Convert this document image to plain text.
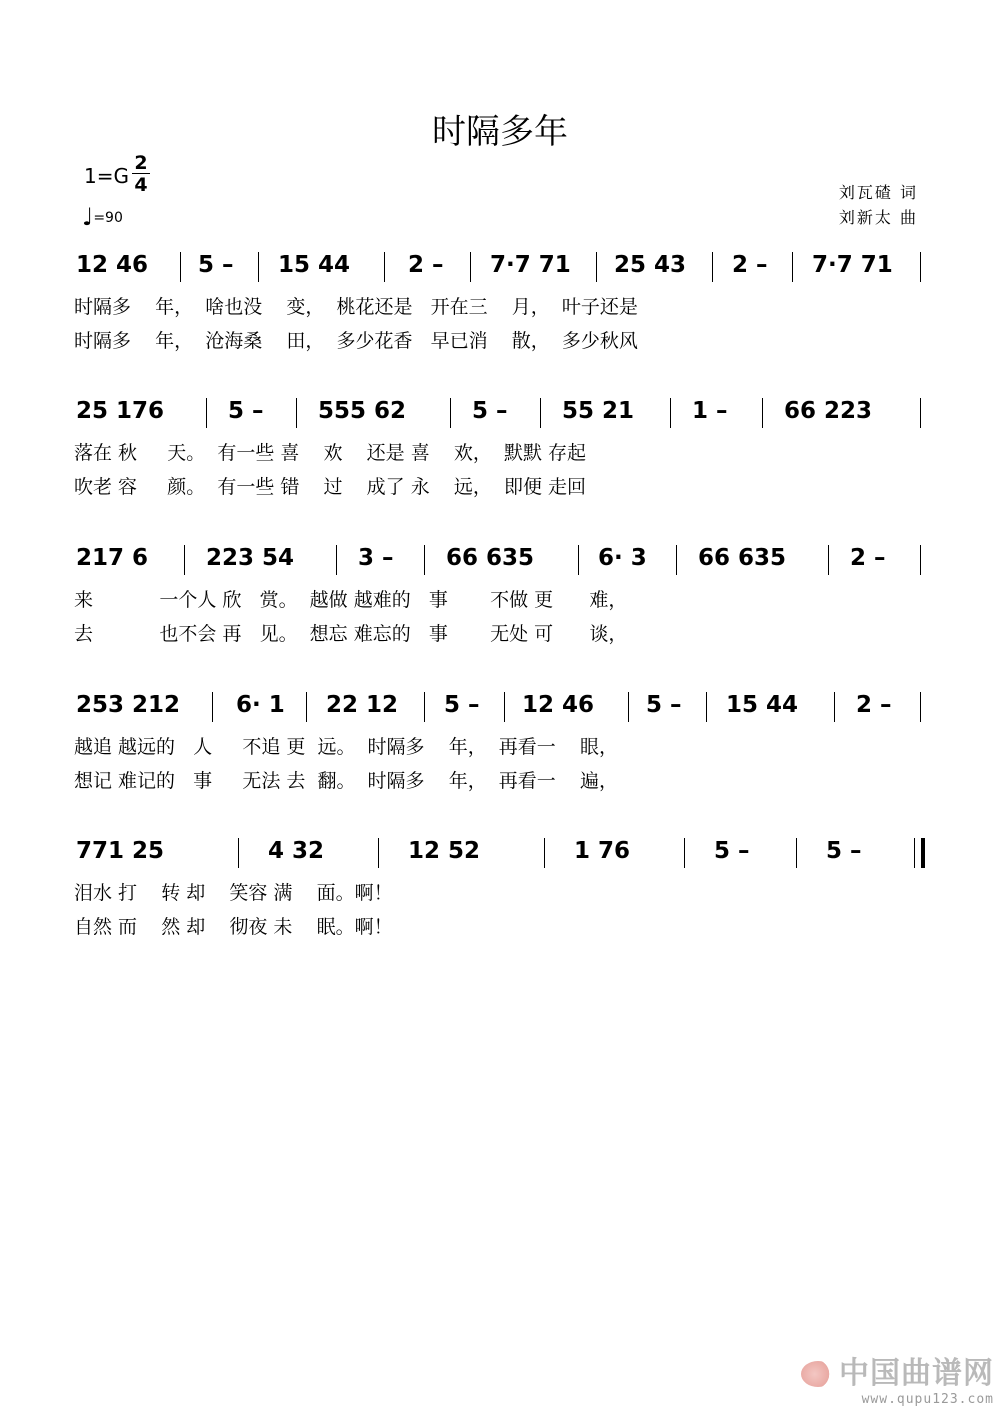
时隔多年
1=G
2
4
♩=90
刘瓦碴 词
刘新太 曲
12 46 5 – 15 44	2 – 7·7 71 25 43 2 – 7·7 71
时隔多    年，  啥也没    变，  桃花还是   开在三    月，  叶子还是
时隔多    年，  沧海桑    田，  多少花香   早已消    散，  多少秋风
25 176	5 – 555 62	5 – 55 21	1 – 66 223
落在 秋     天。  有一些 喜    欢    还是 喜    欢，  默默 存起
吹老 容     颜。  有一些 错    过    成了 永    远，  即便 走回
217 6	223 54	3 – 66 635	6· 3 66 635	2 –
来           一个人 欣   赏。  越做 越难的   事       不做 更      难，
去           也不会 再   见。  想忘 难忘的   事       无处 可      谈，
253 212 6· 1 22 12 5 – 12 46 5 – 15 44	2 –
越追 越远的   人     不追 更  远。  时隔多    年，  再看一    眼，
想记 难记的   事     无法 去  翻。  时隔多    年，  再看一    遍，
771 25	4 32	12 52	1 76	5 –	5 –
泪水 打    转 却    笑容 满    面。啊！
自然 而    然 却    彻夜 未    眠。啊！
中国曲谱网
www.qupu123.com
